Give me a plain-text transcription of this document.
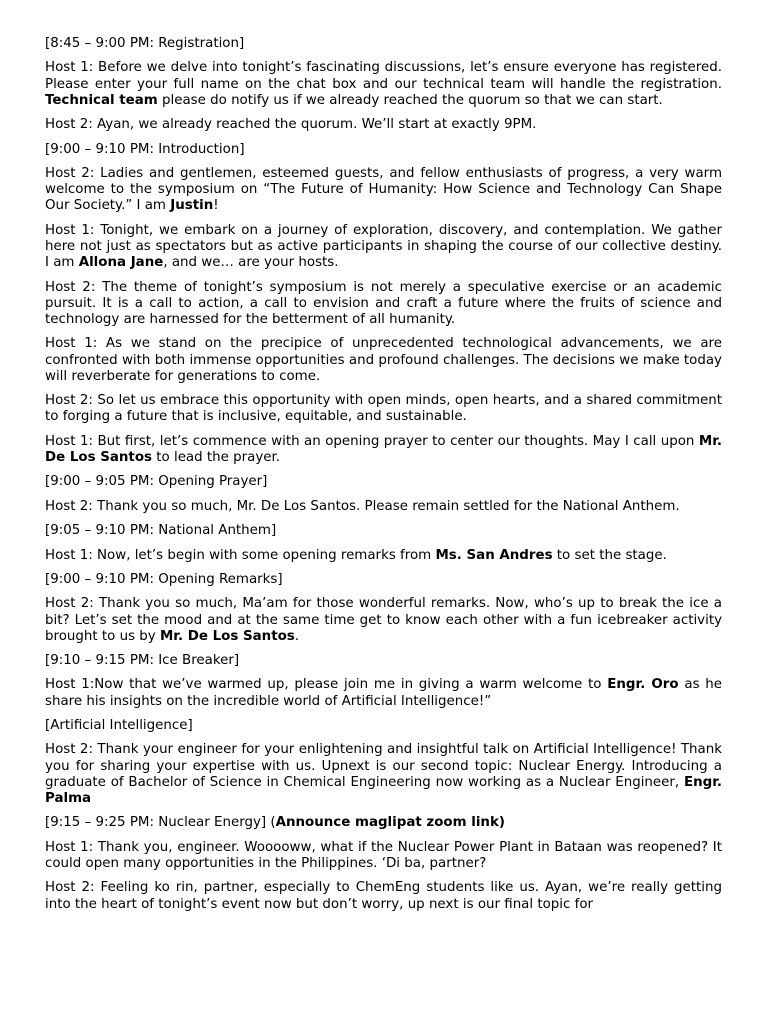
[8:45 – 9:00 PM: Registration]

Host 1: Before we delve into tonight’s fascinating discussions, let’s ensure everyone has registered. Please enter your full name on the chat box and our technical team will handle the registration. Technical team please do notify us if we already reached the quorum so that we can start.

Host 2: Ayan, we already reached the quorum. We’ll start at exactly 9PM.

[9:00 – 9:10 PM: Introduction]

Host 2: Ladies and gentlemen, esteemed guests, and fellow enthusiasts of progress, a very warm welcome to the symposium on “The Future of Humanity: How Science and Technology Can Shape Our Society.” I am Justin!

Host 1: Tonight, we embark on a journey of exploration, discovery, and contemplation. We gather here not just as spectators but as active participants in shaping the course of our collective destiny. I am Allona Jane, and we… are your hosts.

Host 2: The theme of tonight’s symposium is not merely a speculative exercise or an academic pursuit. It is a call to action, a call to envision and craft a future where the fruits of science and technology are harnessed for the betterment of all humanity.

Host 1: As we stand on the precipice of unprecedented technological advancements, we are confronted with both immense opportunities and profound challenges. The decisions we make today will reverberate for generations to come.

Host 2: So let us embrace this opportunity with open minds, open hearts, and a shared commitment to forging a future that is inclusive, equitable, and sustainable.

Host 1: But first, let’s commence with an opening prayer to center our thoughts. May I call upon Mr. De Los Santos to lead the prayer.

[9:00 – 9:05 PM: Opening Prayer]

Host 2: Thank you so much, Mr. De Los Santos. Please remain settled for the National Anthem.

[9:05 – 9:10 PM: National Anthem]

Host 1: Now, let’s begin with some opening remarks from Ms. San Andres to set the stage.

[9:00 – 9:10 PM: Opening Remarks]

Host 2: Thank you so much, Ma’am for those wonderful remarks. Now, who’s up to break the ice a bit? Let’s set the mood and at the same time get to know each other with a fun icebreaker activity brought to us by Mr. De Los Santos.

[9:10 – 9:15 PM: Ice Breaker]

Host 1:Now that we’ve warmed up, please join me in giving a warm welcome to Engr. Oro as he share his insights on the incredible world of Artificial Intelligence!”

[Artificial Intelligence]

Host 2: Thank your engineer for your enlightening and insightful talk on Artificial Intelligence! Thank you for sharing your expertise with us. Upnext is our second topic: Nuclear Energy. Introducing a graduate of Bachelor of Science in Chemical Engineering now working as a Nuclear Engineer, Engr. Palma

[9:15 – 9:25 PM: Nuclear Energy] (Announce maglipat zoom link)

Host 1: Thank you, engineer. Wooooww, what if the Nuclear Power Plant in Bataan was reopened? It could open many opportunities in the Philippines. ‘Di ba, partner?

Host 2: Feeling ko rin, partner, especially to ChemEng students like us. Ayan, we’re really getting into the heart of tonight’s event now but don’t worry, up next is our final topic for
